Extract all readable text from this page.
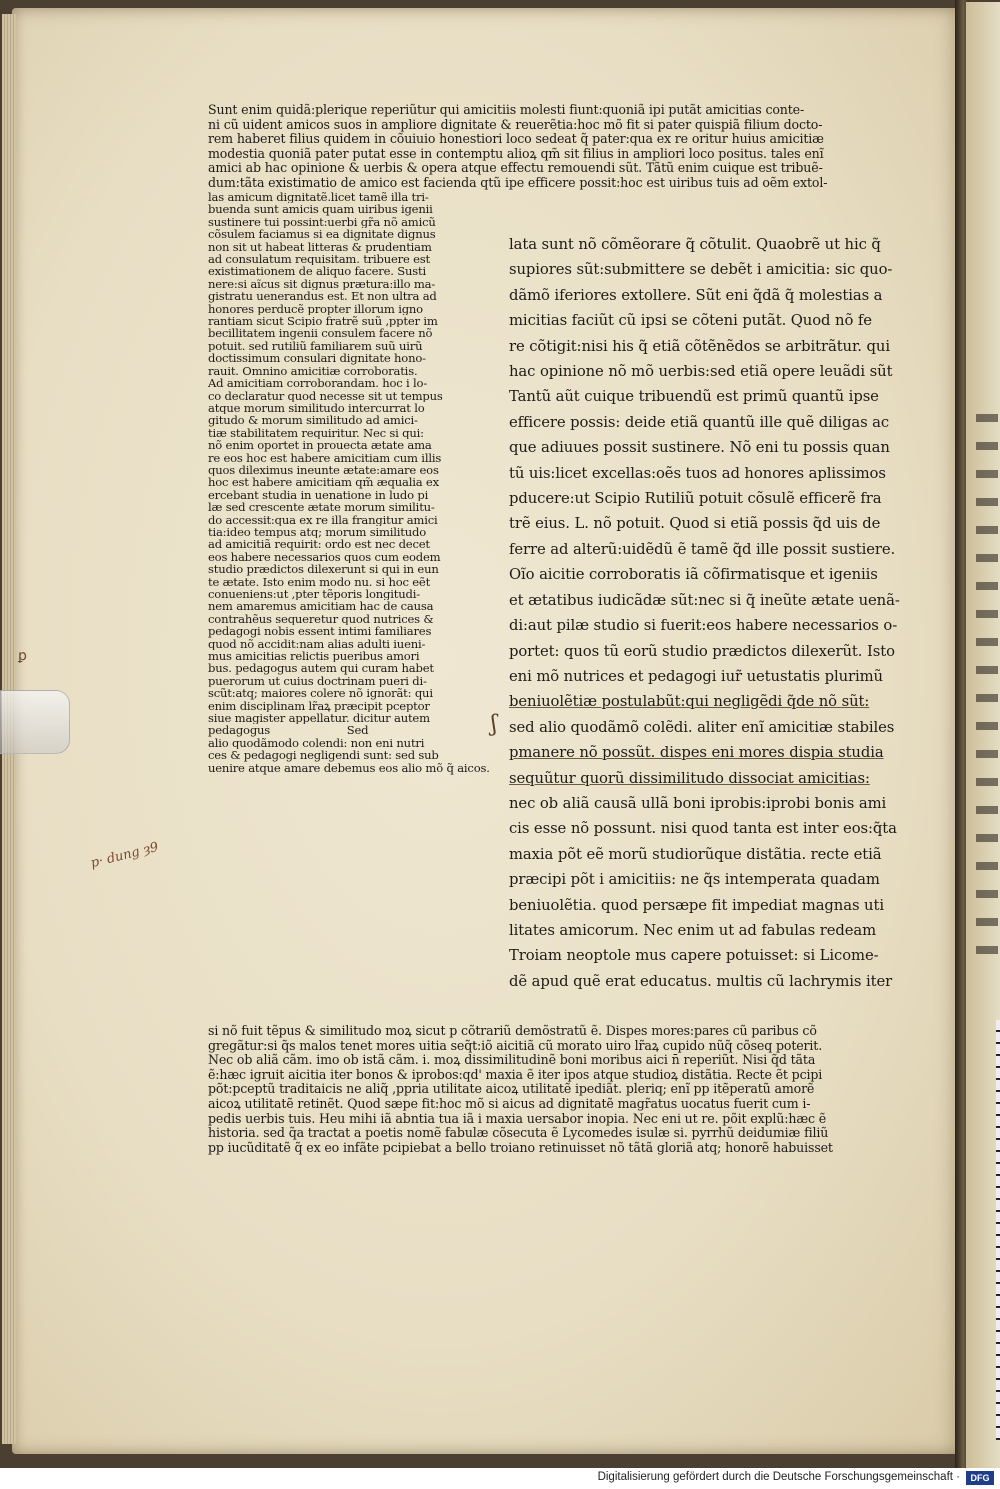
Sunt enim quidã:plerique reperiũtur qui amicitiis molesti fiunt:quoniã ipi putãt amicitias conte-
ni cũ uident amicos suos in ampliore dignitate & reuerẽtia:hoc mõ fit si pater quispiã filium docto-
rem haberet filius quidem in cõuiuio honestiori loco sedeat q̃ pater:qua ex re oritur huius amicitiæ
modestia quoniã pater putat esse in contemptu alioꝝ qm̃ sit filius in ampliori loco positus. tales enĩ
amici ab hac opinione & uerbis & opera atque effectu remouendi sũt. Tãtũ enim cuique est tribuẽ-
dum:tãta existimatio de amico est facienda qtũ ipe efficere possit:hoc est uiribus tuis ad oẽm extol-
las amicum dignitatẽ.licet tamẽ illa tri-
buenda sunt amicis quam uiribus igenii
sustinere tui possint:uerbi gr̃a nõ amicũ
cõsulem faciamus si ea dignitate dignus
non sit ut habeat litteras & prudentiam
ad consulatum requisitam. tribuere est
existimationem de aliquo facere. Susti
nere:si aĩcus sit dignus prætura:illo ma-
gistratu uenerandus est. Et non ultra ad
honores perducẽ propter illorum igno
rantiam sicut Scipio fratrẽ suũ ,ppter im
becillitatem ingenii consulem facere nõ
potuit. sed rutiliũ familiarem suũ uirũ
doctissimum consulari dignitate hono-
rauit. Omnino amicitiæ corroboratis.
Ad amicitiam corroborandam. hoc i lo-
co declaratur quod necesse sit ut tempus
atque morum similitudo intercurrat lo
gitudo & morum similitudo ad amici-
tiæ stabilitatem requiritur. Nec si qui:
nõ enim oportet in prouecta ætate ama
re eos hoc est habere amicitiam cum illis
quos dileximus ineunte ætate:amare eos
hoc est habere amicitiam qm̃ æqualia ex
ercebant studia in uenatione in ludo pi
læ sed crescente ætate morum similitu-
do accessit:qua ex re illa frangitur amici
tia:ideo tempus atq; morum similitudo
ad amicitiã requirit: ordo est nec decet
eos habere necessarios quos cum eodem
studio prædictos dilexerunt si qui in eun
te ætate. Isto enim modo nu. si hoc eẽt
conueniens:ut ,pter tẽporis longitudi-
nem amaremus amicitiam hac de causa
contrahẽus sequeretur quod nutrices &
pedagogi nobis essent intimi familiares
quod nõ accidit:nam alias adulti iueni-
mus amicitias relictis pueribus amori
bus. pedagogus autem qui curam habet
puerorum ut cuius doctrinam pueri di-
scũt:atq; maiores colere nõ ignorãt: qui
enim disciplinam lr̃aꝝ præcipit pceptor
siue magister appellatur. dicitur autem
pedagogus                      Sed
alio quodãmodo colendi: non eni nutri
ces & pedagogi negligendi sunt: sed sub
uenire atque amare debemus eos alio mõ q̃ aicos.
lata sunt nõ cõmẽorare q̃ cõtulit. Quaobrẽ ut hic q̃
supiores sũt:submittere se debẽt i amicitia: sic quo-
dãmõ iferiores extollere. Sũt eni q̃dã q̃ molestias a
micitias faciũt cũ ipsi se cõteni putãt. Quod nõ fe
re cõtigit:nisi his q̃ etiã cõtẽnẽdos se arbitrãtur. qui
hac opinione nõ mõ uerbis:sed etiã opere leuãdi sũt
Tantũ aũt cuique tribuendũ est primũ quantũ ipse
efficere possis: deide etiã quantũ ille quẽ diligas ac
que adiuues possit sustinere. Nõ eni tu possis quan
tũ uis:licet excellas:oẽs tuos ad honores aplissimos
pducere:ut Scipio Rutiliũ potuit cõsulẽ efficerẽ fra
trẽ eius. L. nõ potuit. Quod si etiã possis q̃d uis de
ferre ad alterũ:uidẽdũ ẽ tamẽ q̃d ille possit sustiere.
Oĩo aicitie corroboratis iã cõfirmatisque et igeniis
et ætatibus iudicãdæ sũt:nec si q̃ ineũte ætate uenã-
di:aut pilæ studio si fuerit:eos habere necessarios o-
portet: quos tũ eorũ studio prædictos dilexerũt. Isto
eni mõ nutrices et pedagogi iur̃ uetustatis plurimũ
beniuolẽtiæ postulabũt:qui negligẽdi q̃de nõ sũt:
sed alio quodãmõ colẽdi. aliter enĩ amicitiæ stabiles
pmanere nõ possũt. dispes eni mores dispia studia
sequũtur quorũ dissimilitudo dissociat amicitias:
nec ob aliã causã ullã boni iprobis:iprobi bonis ami
cis esse nõ possunt. nisi quod tanta est inter eos:q̃ta
maxia põt eẽ morũ studiorũque distãtia. recte etiã
præcipi põt i amicitiis: ne q̃s intemperata quadam
beniuolẽtia. quod persæpe fit impediat magnas uti
litates amicorum. Nec enim ut ad fabulas redeam
Troiam neoptole mus capere potuisset: si Licome-
dẽ apud quẽ erat educatus. multis cũ lachrymis iter
si nõ fuit tẽpus & similitudo moꝝ sicut p cõtrariũ demõstratũ ẽ. Dispes mores:pares cũ paribus cõ
gregãtur:si q̃s malos tenet mores uitia seq̃t:iõ aicitiã cũ morato uiro lr̃aꝝ cupido nũq̃ cõseq poterit.
Nec ob aliã cãm. imo ob istã cãm. i. moꝝ dissimilitudinẽ boni moribus aici n̄ reperiũt. Nisi q̃d tãta
ẽ:hæc igruit aicitia iter bonos & iprobos:qd' maxia ẽ iter ipos atque studioꝝ distãtia. Recte ẽt pcipi
põt:pceptũ traditaicis ne aliq̃ ,ppria utilitate aicoꝝ utilitatẽ ipediãt. pleriq; enĩ pp itẽperatũ amorẽ
aicoꝝ utilitatẽ retinẽt. Quod sæpe fit:hoc mõ si aicus ad dignitatẽ magr̃atus uocatus fuerit cum i-
pedis uerbis tuis. Heu mihi iã abntia tua iã i maxia uersabor inopia. Nec eni ut re. põit explũ:hæc ẽ
historia. sed q̃a tractat a poetis nomẽ fabulæ cõsecuta ẽ Lycomedes isulæ si. pyrrhũ deidumiæ filiũ
pp iucũditatẽ q̃ ex eo infãte pcipiebat a bello troiano retinuisset nõ tãtã gloriã atq; honorẽ habuisset
p· dung ȝ9
ʃ
ꝑ
Digitalisierung gefördert durch die Deutsche Forschungsgemeinschaft ·	DFG
